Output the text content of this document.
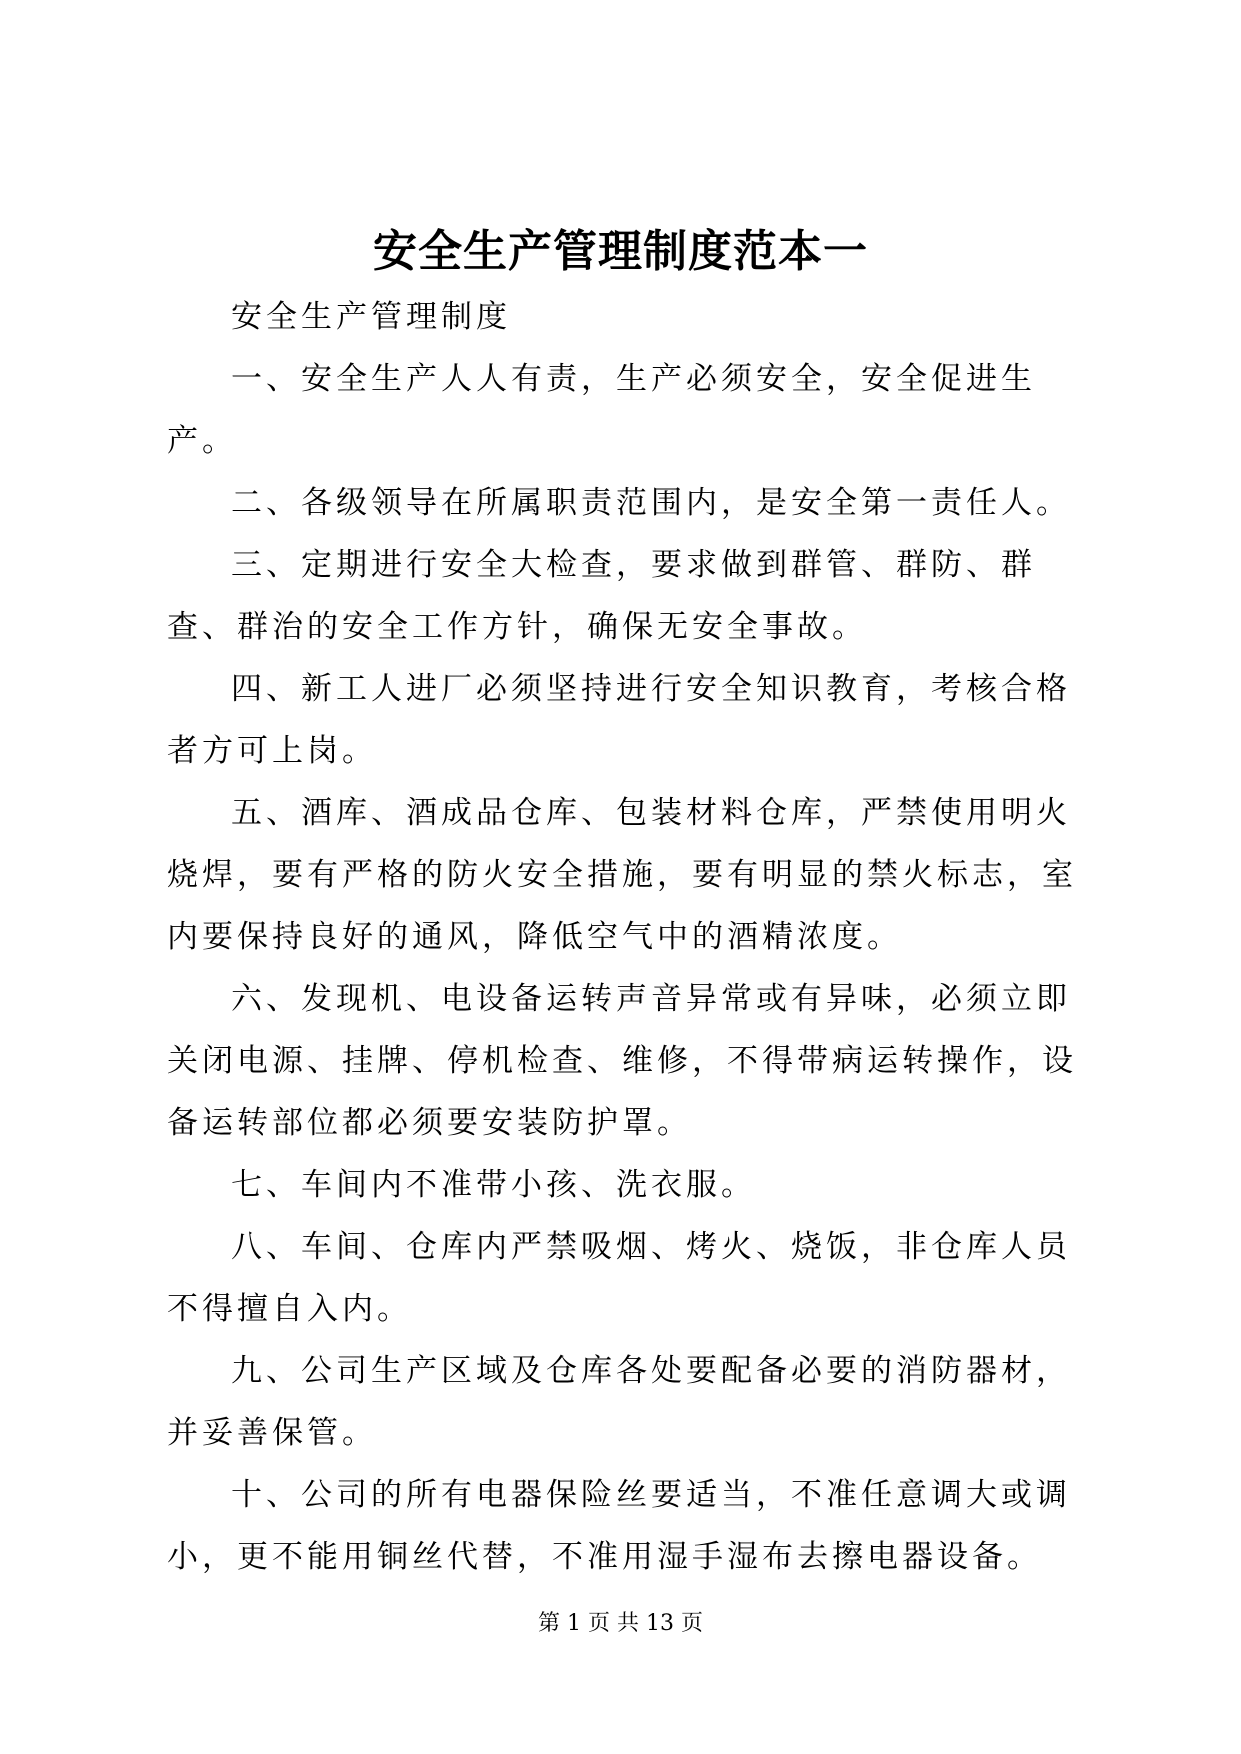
安全生产管理制度范本一

安全生产管理制度

一、安全生产人人有责，生产必须安全，安全促进生产。

二、各级领导在所属职责范围内，是安全第一责任人。

三、定期进行安全大检查，要求做到群管、群防、群查、群治的安全工作方针，确保无安全事故。

四、新工人进厂必须坚持进行安全知识教育，考核合格者方可上岗。

五、酒库、酒成品仓库、包装材料仓库，严禁使用明火烧焊，要有严格的防火安全措施，要有明显的禁火标志，室内要保持良好的通风，降低空气中的酒精浓度。

六、发现机、电设备运转声音异常或有异味，必须立即关闭电源、挂牌、停机检查、维修，不得带病运转操作，设备运转部位都必须要安装防护罩。

七、车间内不准带小孩、洗衣服。

八、车间、仓库内严禁吸烟、烤火、烧饭，非仓库人员不得擅自入内。

九、公司生产区域及仓库各处要配备必要的消防器材，并妥善保管。

十、公司的所有电器保险丝要适当，不准任意调大或调小，更不能用铜丝代替，不准用湿手湿布去擦电器设备。

第 1 页 共 13 页
